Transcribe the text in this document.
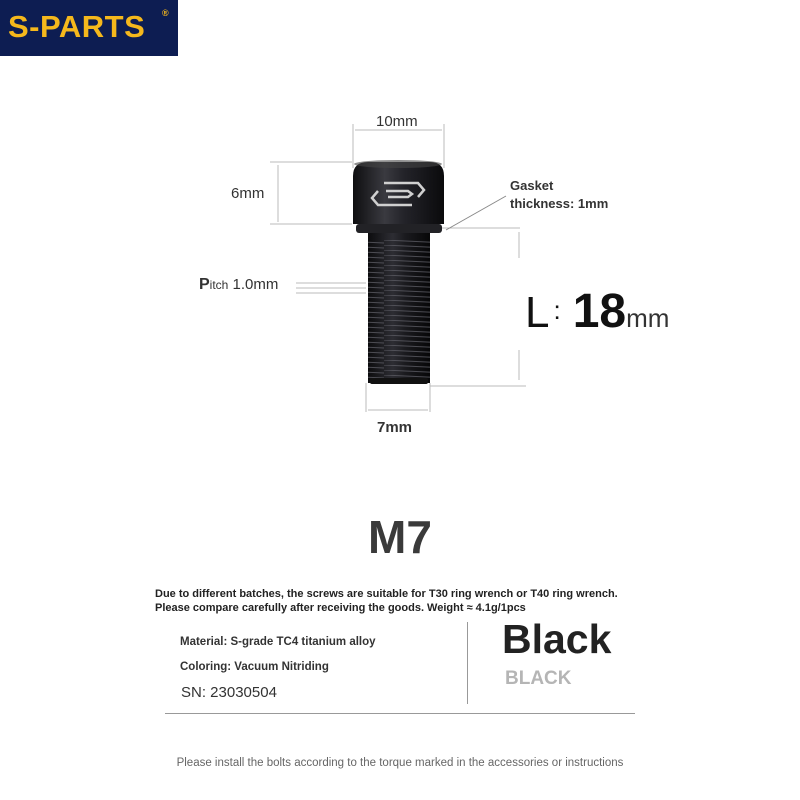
S-PARTS ®
10mm
6mm	Gasket
thickness: 1mm
Pitch 1.0mm
L : 18mm
7mm
M7
Due to different batches, the screws are suitable for T30 ring wrench or T40 ring wrench. Please compare carefully after receiving the goods. Weight ≈ 4.1g/1pcs
Material: S-grade TC4 titanium alloy
Coloring: Vacuum Nitriding
SN: 23030504
Black
BLACK
Please install the bolts according to the torque marked in the accessories or instructions
